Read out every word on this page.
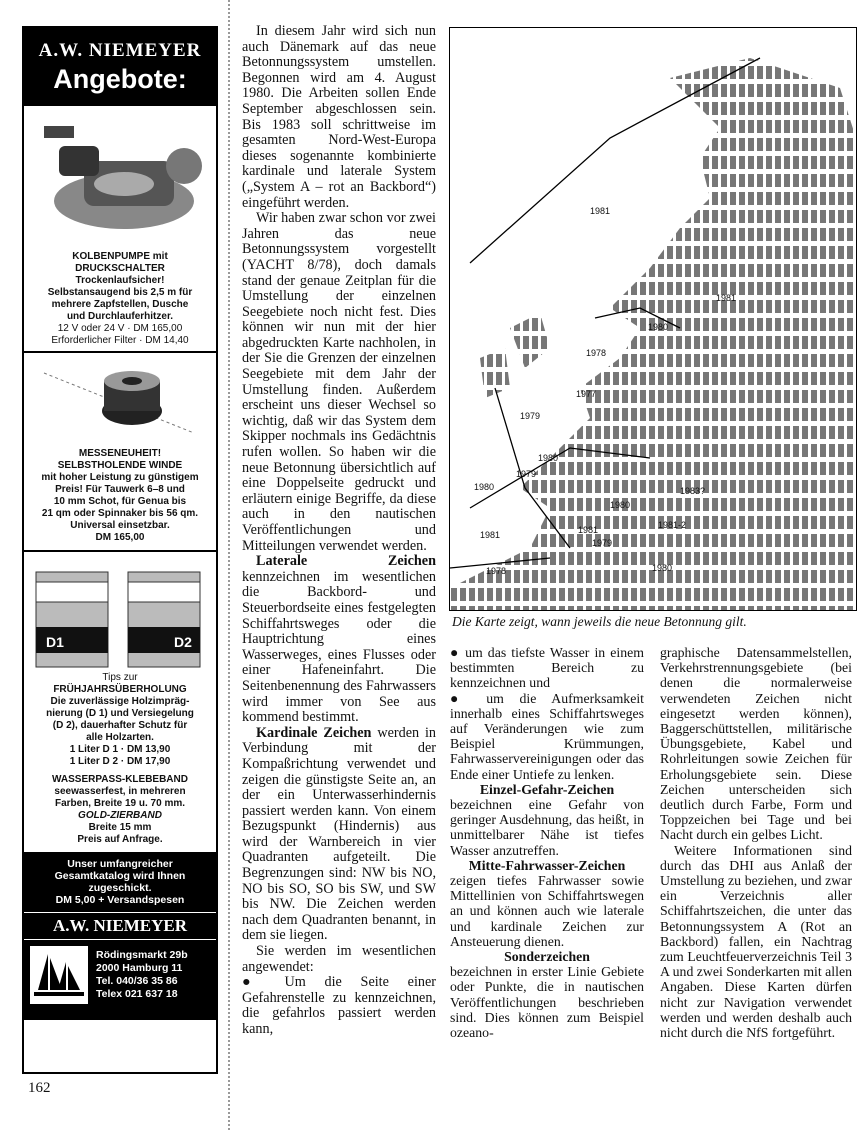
A.W. NIEMEYER
Angebote:
KOLBENPUMPE mit
DRUCKSCHALTER
Trockenlaufsicher!
Selbstansaugend bis 2,5 m für
mehrere Zapfstellen, Dusche
und Durchlauferhitzer.
12 V oder 24 V · DM 165,00
Erforderlicher Filter · DM 14,40
MESSENEUHEIT!
SELBSTHOLENDE WINDE
mit hoher Leistung zu günstigem
Preis! Für Tauwerk 6–8 und
10 mm Schot, für Genua bis
21 qm oder Spinnaker bis 56 qm.
Universal einsetzbar.
DM 165,00
D1	D2
Tips zur
FRÜHJAHRSÜBERHOLUNG
Die zuverlässige Holzimpräg-
nierung (D 1) und Versiegelung
(D 2), dauerhafter Schutz für
alle Holzarten.
1 Liter D 1 · DM 13,90
1 Liter D 2 · DM 17,90
WASSERPASS-KLEBEBAND
seewasserfest, in mehreren
Farben, Breite 19 u. 70 mm.
GOLD-ZIERBAND
Breite 15 mm
Preis auf Anfrage.
Unser umfangreicher
Gesamtkatalog wird Ihnen
zugeschickt.
DM 5,00 + Versandspesen
A.W. NIEMEYER
Rödingsmarkt 29b
2000 Hamburg 11
Tel. 040/36 35 86
Telex 021 637 18
162

In diesem Jahr wird sich nun auch Dänemark auf das neue Betonnungssystem umstellen. Begonnen wird am 4. August 1980. Die Arbeiten sollen Ende September abgeschlossen sein. Bis 1983 soll schrittweise im gesamten Nord-West-Europa dieses sogenannte kombinierte kardinale und laterale System („System A – rot an Backbord“) eingeführt werden.

Wir haben zwar schon vor zwei Jahren das neue Betonnungssystem vorgestellt (YACHT 8/78), doch damals stand der genaue Zeitplan für die Umstellung der einzelnen Seegebiete noch nicht fest. Dies können wir nun mit der hier abgedruckten Karte nachholen, in der Sie die Grenzen der einzelnen Seegebiete mit dem Jahr der Umstellung finden. Außerdem erscheint uns dieser Wechsel so wichtig, daß wir das System dem Skipper nochmals ins Gedächtnis rufen wollen. So haben wir die neue Betonnung übersichtlich auf eine Doppelseite gedruckt und erläutern einige Begriffe, da diese auch in den nautischen Veröffentlichungen und Mitteilungen verwendet werden.

Laterale Zeichen kennzeichnen im wesentlichen die Backbord- und Steuerbordseite eines festgelegten Schiffahrtsweges oder die Hauptrichtung eines Wasserweges, eines Flusses oder einer Hafeneinfahrt. Die Seitenbenennung des Fahrwassers wird immer von See aus kommend bestimmt.

Kardinale Zeichen werden in Verbindung mit der Kompaßrichtung verwendet und zeigen die günstigste Seite an, an der ein Unterwasserhindernis passiert werden kann. Von einem Bezugspunkt (Hindernis) aus wird der Warnbereich in vier Quadranten aufgeteilt. Die Begrenzungen sind: NW bis NO, NO bis SO, SO bis SW, und SW bis NW. Die Zeichen werden nach dem Quadranten benannt, in dem sie liegen.

Sie werden im wesentlichen angewendet:

● Um die Seite einer Gefahrenstelle zu kennzeichnen, die gefahrlos passiert werden kann,

1981
1981
1980
1978
1977
1979
1980
1979
1980	1983?
1980
1981-2
1981
1981
1979
1978	1980
Die Karte zeigt, wann jeweils die neue Betonnung gilt.

● um das tiefste Wasser in einem bestimmten Bereich zu kennzeichnen und

● um die Aufmerksamkeit innerhalb eines Schiffahrtsweges auf Veränderungen wie zum Beispiel Krümmungen, Fahrwasservereinigungen oder das Ende einer Untiefe zu lenken.

Einzel-Gefahr-Zeichen

bezeichnen eine Gefahr von geringer Ausdehnung, das heißt, in unmittelbarer Nähe ist tiefes Wasser anzutreffen.

Mitte-Fahrwasser-Zeichen

zeigen tiefes Fahrwasser sowie Mittellinien von Schiffahrtswegen an und können auch wie laterale und kardinale Zeichen zur Ansteuerung dienen.

Sonderzeichen

bezeichnen in erster Linie Gebiete oder Punkte, die in nautischen Veröffentlichungen beschrieben sind. Dies können zum Beispiel ozeano-

graphische Datensammelstellen, Verkehrstrennungsgebiete (bei denen die normalerweise verwendeten Zeichen nicht eingesetzt werden können), Baggerschüttstellen, militärische Übungsgebiete, Kabel und Rohrleitungen sowie Zeichen für Erholungsgebiete sein. Diese Zeichen unterscheiden sich deutlich durch Farbe, Form und Toppzeichen bei Tage und bei Nacht durch ein gelbes Licht.

Weitere Informationen sind durch das DHI aus Anlaß der Umstellung zu beziehen, und zwar ein Verzeichnis aller Schiffahrtszeichen, die unter das Betonnungssystem A (Rot an Backbord) fallen, ein Nachtrag zum Leuchtfeuerverzeichnis Teil 3 A und zwei Sonderkarten mit allen Angaben. Diese Karten dürfen nicht zur Navigation verwendet werden und werden deshalb auch nicht durch die NfS fortgeführt.
